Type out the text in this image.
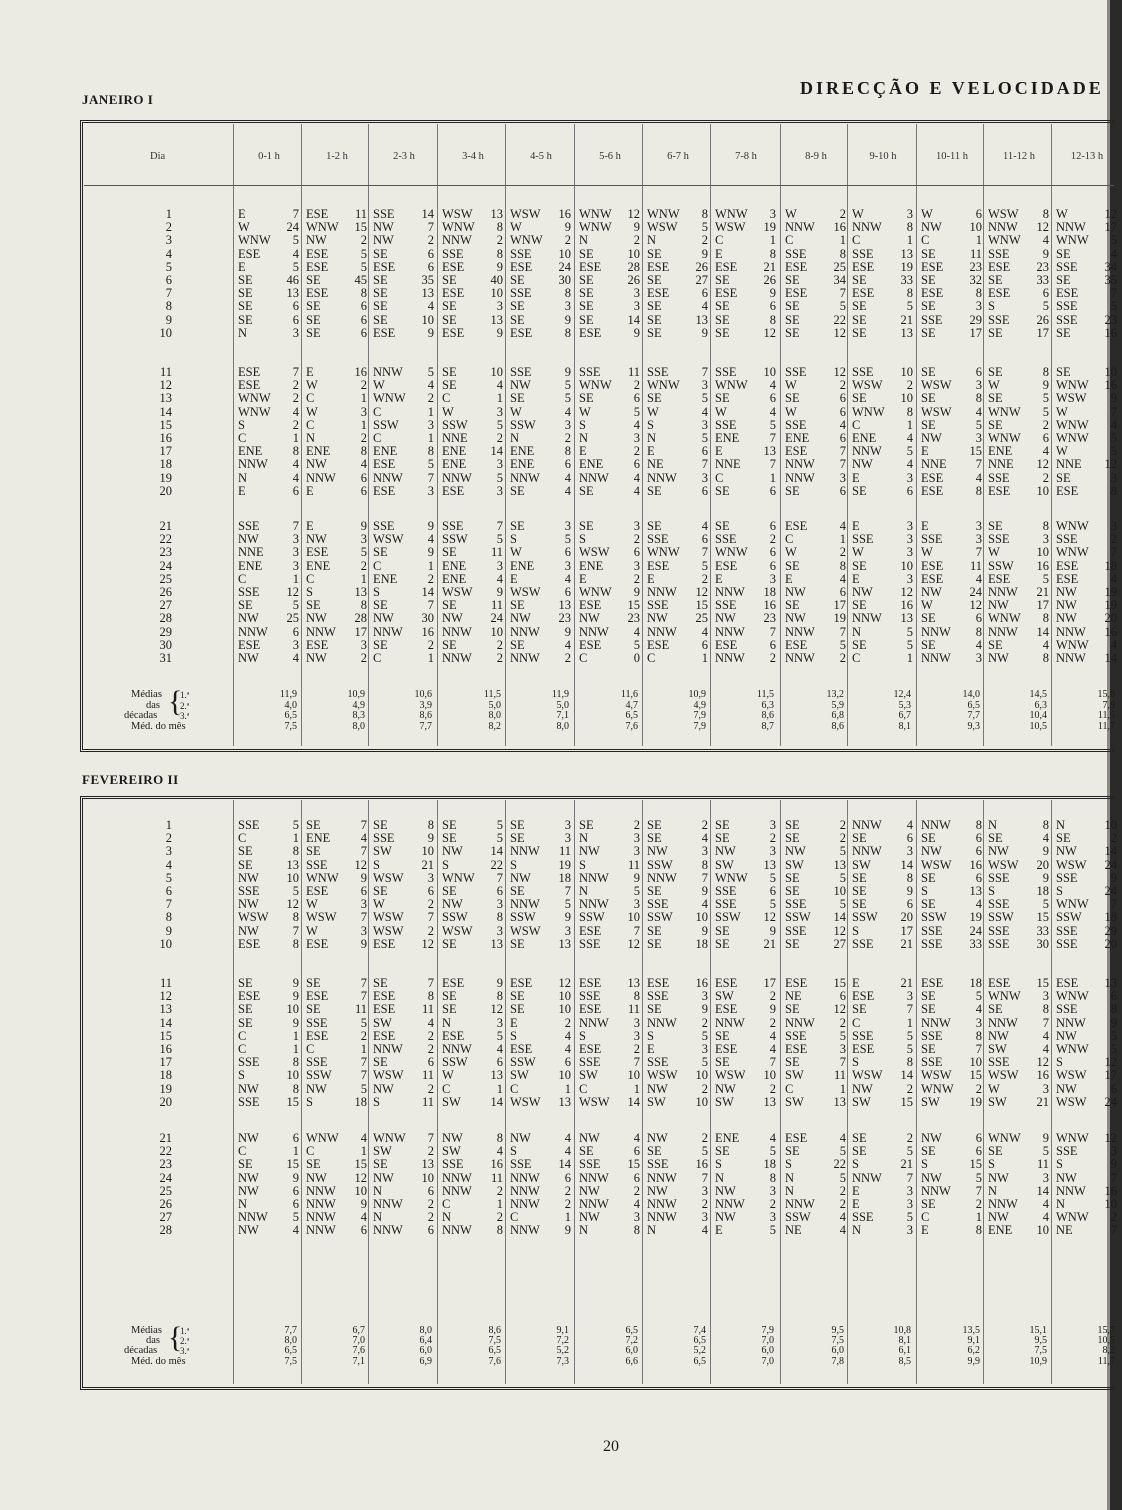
DIRECÇÃO E VELOCIDADE
JANEIRO I
Dia	0-1 h	1-2 h	2-3 h	3-4 h	4-5 h	5-6 h	6-7 h	7-8 h	8-9 h	9-10 h	10-11 h	11-12 h	12-13 h
1	E	7 ESE	11 SSE	14 WSW	13 WSW	16 WNW	12 WNW	8 WNW	3 W	2 W	3 W	6 WSW	8 W	12
2	W	24 WNW	15 NW	7 WNW	8 W	9 WNW	9 WSW	5 WSW	19 NNW	16 NNW	8 NW	10 NNW	12 NNW	17
3	WNW	5 NW	2 NW	2 NNW	2 WNW	2 N	2 N	2 C	1 C	1 C	1 C	1 WNW	4 WNW	5
4	ESE	4 ESE	5 SE	6 SSE	8 SSE	10 SE	10 SE	9 E	8 SSE	8 SSE	13 SE	11 SSE	9 SE	4
5	E	5 ESE	5 ESE	6 ESE	9 ESE	24 ESE	28 ESE	26 ESE	21 ESE	25 ESE	19 ESE	23 ESE	23 SSE	34
6	SE	46 SE	45 SE	35 SE	40 SE	30 SE	26 SE	27 SE	26 SE	34 SE	33 SE	32 SE	33 SE	35
7	SE	13 ESE	8 SE	13 ESE	10 SSE	8 SE	3 ESE	6 ESE	9 ESE	7 ESE	8 ESE	8 ESE	6 ESE	7
8	SE	6 SE	6 SE	4 SE	3 SE	3 SE	3 SE	4 SE	6 SE	5 SE	5 SE	3 S	5 SSE	5
9	SE	6 SE	6 SE	10 SE	13 SE	9 SE	14 SE	13 SE	8 SE	22 SE	21 SSE	29 SSE	26 SSE	23
10	N	3 SE	6 ESE	9 ESE	9 ESE	8 ESE	9 SE	9 SE	12 SE	12 SE	13 SE	17 SE	17 SE	16
11	ESE	7 E	16 NNW	5 SE	10 SSE	9 SSE	11 SSE	7 SSE	10 SSE	12 SSE	10 SE	6 SE	8 SE	10
12	ESE	2 W	2 W	4 SE	4 NW	5 WNW	2 WNW	3 WNW	4 W	2 WSW	2 WSW	3 W	9 WNW	16
13	WNW	2 C	1 WNW	2 C	1 SE	5 SE	6 SE	5 SE	6 SE	6 SE	10 SE	8 SE	5 WSW	9
14	WNW	4 W	3 C	1 W	3 W	4 W	5 W	4 W	4 W	6 WNW	8 WSW	4 WNW	5 W	7
15	S	2 C	1 SSW	3 SSW	5 SSW	3 S	4 S	3 SSE	5 SSE	4 C	1 SE	5 SE	2 WNW	4
16	C	1 N	2 C	1 NNE	2 N	2 N	3 N	5 ENE	7 ENE	6 ENE	4 NW	3 WNW	6 WNW	5
17	ENE	8 ENE	8 ENE	8 ENE	14 ENE	8 E	2 E	6 E	13 ESE	7 NNW	5 E	15 ENE	4 W	5
18	NNW	4 NW	4 ESE	5 ENE	3 ENE	6 ENE	6 NE	7 NNE	7 NNW	7 NW	4 NNE	7 NNE	12 NNE	12
19	N	4 NNW	6 NNW	7 NNW	5 NNW	4 NNW	4 NNW	3 C	1 NNW	3 E	3 ESE	4 SSE	2 SE	3
20	E	6 E	6 ESE	3 ESE	3 SE	4 SE	4 SE	6 SE	6 SE	6 SE	6 ESE	8 ESE	10 ESE	8
21	SSE	7 E	9 SSE	9 SSE	7 SE	3 SE	3 SE	4 SE	6 ESE	4 E	3 E	3 SE	8 WNW	3
22	NW	3 NW	3 WSW	4 SSW	5 S	5 S	2 SSE	6 SSE	2 C	1 SSE	3 SSE	3 SSE	3 SSE	2
23	NNE	3 ESE	5 SE	9 SE	11 W	6 WSW	6 WNW	7 WNW	6 W	2 W	3 W	7 W	10 WNW	7
24	ENE	3 ENE	2 C	1 ENE	3 ENE	3 ENE	3 ESE	5 ESE	6 SE	8 SE	10 ESE	11 SSW	16 ESE	18
25	C	1 C	1 ENE	2 ENE	4 E	4 E	2 E	2 E	3 E	4 E	3 ESE	4 ESE	5 ESE	4
26	SSE	12 S	13 S	14 WSW	9 WSW	6 WNW	9 NNW	12 NNW	18 NW	6 NW	12 NW	24 NNW	21 NW	19
27	SE	5 SE	8 SE	7 SE	11 SE	13 ESE	15 SSE	15 SSE	16 SE	17 SE	16 W	12 NW	17 NW	19
28	NW	25 NW	28 NW	30 NW	24 NW	23 NW	23 NW	25 NW	23 NW	19 NNW	13 SE	6 WNW	8 NW	20
29	NNW	6 NNW	17 NNW	16 NNW	10 NNW	9 NNW	4 NNW	4 NNW	7 NNW	7 N	5 NNW	8 NNW	14 NNW	16
30	ESE	3 ESE	3 SE	2 SE	2 SE	4 ESE	5 ESE	6 ESE	6 ESE	5 SE	5 SE	4 SE	4 WNW	4
31	NW	4 NW	2 C	1 NNW	2 NNW	2 C	0 C	1 NNW	2 NNW	2 C	1 NNW	3 NW	8 NNW	14
Médias
das
décadas
Méd. do mês
{
1.ª
2.ª
3.ª
11,9	10,9	10,6	11,5	11,9	11,6	10,9	11,5	13,2	12,4	14,0	14,5	15,8
4,0	4,9	3,9	5,0	5,0	4,7	4,9	6,3	5,9	5,3	6,5	6,3	7,9
6,5	8,3	8,6	8,0	7,1	6,5	7,9	8,6	6,8	6,7	7,7	10,4	11,5
7,5	8,0	7,7	8,2	8,0	7,6	7,9	8,7	8,6	8,1	9,3	10,5	11,7
FEVEREIRO II
1	SSE	5 SE	7 SE	8 SE	5 SE	3 SE	2 SE	2 SE	3 SE	2 NNW	4 NNW	8 N	8 N	10
2	C	1 ENE	4 SSE	9 SE	5 SE	3 N	3 SE	4 SE	2 SE	2 SE	6 SE	6 SE	4 SE	2
3	SE	8 SE	7 SW	10 NW	14 NNW	11 NW	3 NW	3 NW	3 NW	5 NNW	3 NW	6 NW	9 NW	14
4	SE	13 SSE	12 S	21 S	22 S	19 S	11 SSW	8 SW	13 SW	13 SW	14 WSW	16 WSW	20 WSW	24
5	NW	10 WNW	9 WSW	3 WNW	7 NW	18 NNW	9 NNW	7 WNW	5 SE	5 SE	8 SE	6 SSE	9 SSE	9
6	SSE	5 ESE	6 SE	6 SE	6 SE	7 N	5 SE	9 SSE	6 SE	10 SE	9 S	13 S	18 S	24
7	NW	12 W	3 W	2 NW	3 NNW	5 NNW	3 SSE	4 SSE	5 SSE	5 SE	6 SE	4 SSE	5 WNW	7
8	WSW	8 WSW	7 WSW	7 SSW	8 SSW	9 SSW	10 SSW	10 SSW	12 SSW	14 SSW	20 SSW	19 SSW	15 SSW	18
9	NW	7 W	3 WSW	2 WSW	3 WSW	3 ESE	7 SE	9 SE	9 SSE	12 S	17 SSE	24 SSE	33 SSE	29
10	ESE	8 ESE	9 ESE	12 SE	13 SE	13 SSE	12 SE	18 SE	21 SE	27 SSE	21 SSE	33 SSE	30 SSE	20
11	SE	9 SE	7 SE	7 ESE	9 ESE	12 ESE	13 ESE	16 ESE	17 ESE	15 E	21 ESE	18 ESE	15 ESE	13
12	ESE	9 ESE	7 ESE	8 SE	8 SE	10 SSE	8 SSE	3 SW	2 NE	6 ESE	3 SE	5 WNW	3 WNW	6
13	SE	10 SE	11 ESE	11 SE	12 SE	10 ESE	11 SE	9 ESE	9 SE	12 SE	7 SE	4 SE	8 SSE	8
14	SE	9 SSE	5 SW	4 N	3 E	2 NNW	3 NNW	2 NNW	2 NNW	2 C	1 NNW	3 NNW	7 NNW	9
15	C	1 ESE	2 ESE	2 ESE	5 S	4 S	3 S	5 SE	4 SSE	5 SSE	5 SSE	8 NW	4 NW	5
16	C	1 C	1 NNW	2 NNW	4 ESE	4 ESE	2 E	3 ESE	4 ESE	3 ESE	5 SE	7 SW	4 WNW	5
17	SSE	8 SSE	7 SE	6 SSW	6 SSW	6 SSE	7 SSE	5 SE	7 SE	7 S	8 SSE	10 SSE	12 S	12
18	S	10 SSW	7 WSW	11 W	13 SW	10 SW	10 WSW	10 WSW	10 SW	11 WSW	14 WSW	15 WSW	16 WSW	17
19	NW	8 NW	5 NW	2 C	1 C	1 C	1 NW	2 NW	2 C	1 NW	2 WNW	2 W	3 NW	6
20	SSE	15 S	18 S	11 SW	14 WSW	13 WSW	14 SW	10 SW	13 SW	13 SW	15 SW	19 SW	21 WSW	24
21	NW	6 WNW	4 WNW	7 NW	8 NW	4 NW	4 NW	2 ENE	4 ESE	4 SE	2 NW	6 WNW	9 WNW	12
22	C	1 C	1 SW	2 SW	4 S	4 SE	6 SE	5 SE	5 SE	5 SE	5 SE	6 SE	5 SSE	3
23	SE	15 SE	15 SE	13 SSE	16 SSE	14 SSE	15 SSE	16 S	18 S	22 S	21 S	15 S	11 S	9
24	NW	9 NW	12 NW	10 NNW	11 NNW	6 NNW	6 NNW	7 N	8 N	5 NNW	7 NW	5 NW	3 NW	7
25	NW	6 NNW	10 N	6 NNW	2 NNW	2 NW	2 NW	3 NW	3 N	2 E	3 NNW	7 N	14 NNW	16
26	N	6 NNW	9 NNW	2 C	1 NNW	2 NNW	4 NNW	2 NNW	2 NNW	2 E	3 SE	2 NNW	4 N	10
27	NNW	5 NNW	4 N	2 N	2 C	1 NW	3 NNW	3 NW	3 SSW	4 SSE	5 C	1 NW	4 WNW	2
28	NW	4 NNW	6 NNW	6 NNW	8 NNW	9 N	8 N	4 E	5 NE	4 N	3 E	8 ENE	10 NE	7
Médias
das
décadas
Méd. do mês
{
1.ª
2.ª
3.ª
7,7	6,7	8,0	8,6	9,1	6,5	7,4	7,9	9,5	10,8	13,5	15,1	15,7
8,0	7,0	6,4	7,5	7,2	7,2	6,5	7,0	7,5	8,1	9,1	9,5	10,5
6,5	7,6	6,0	6,5	5,2	6,0	5,2	6,0	6,0	6,1	6,2	7,5	8,2
7,5	7,1	6,9	7,6	7,3	6,6	6,5	7,0	7,8	8,5	9,9	10,9	11,7
20
